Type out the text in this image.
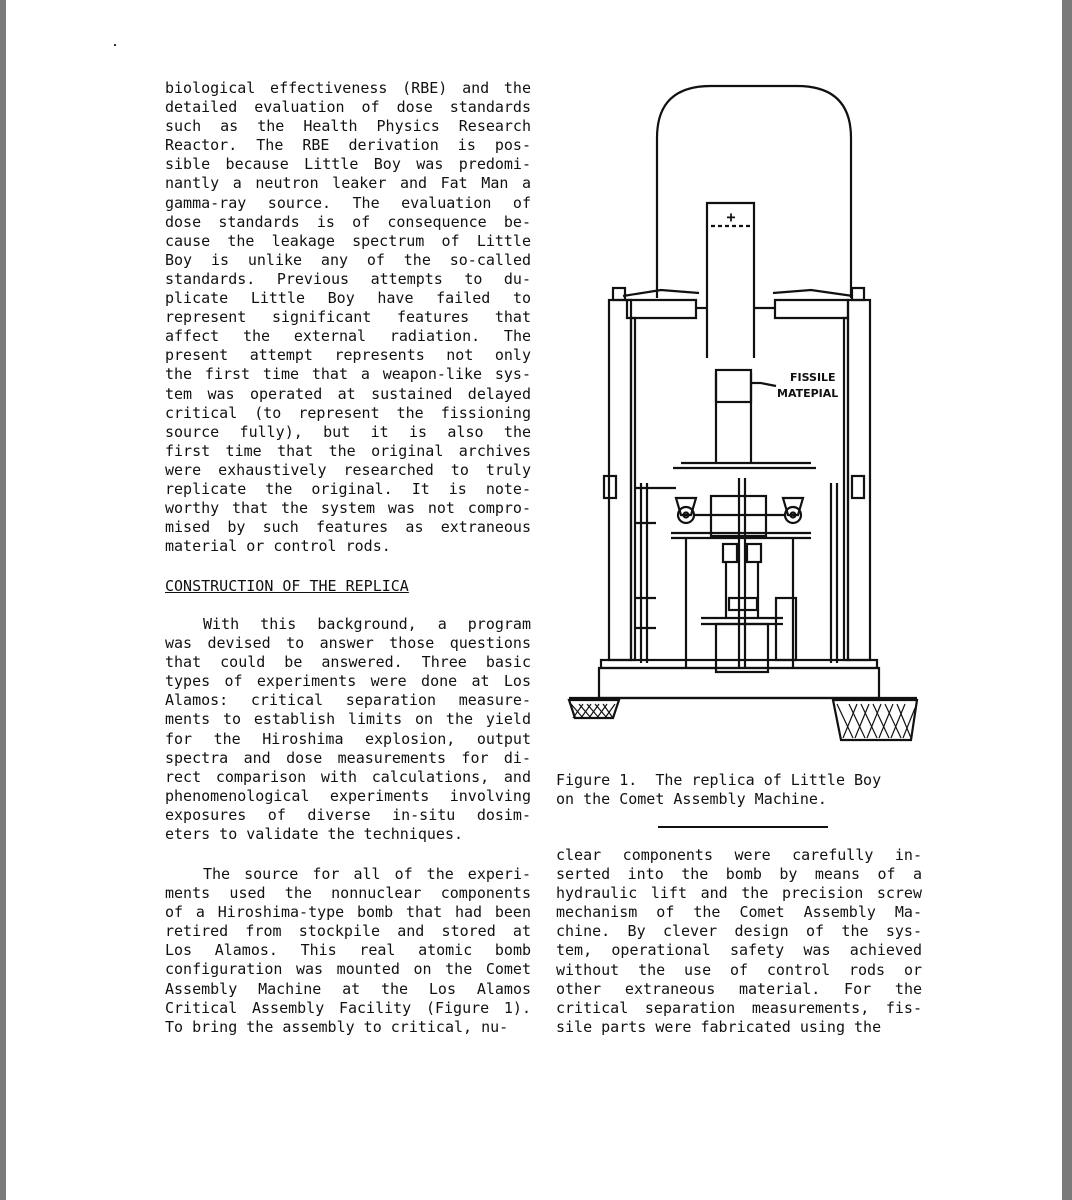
biological effectiveness (RBE) and the
detailed evaluation of dose standards
such as the Health Physics Research
Reactor. The RBE derivation is pos-
sible because Little Boy was predomi-
nantly a neutron leaker and Fat Man a
gamma-ray source. The evaluation of
dose standards is of consequence be-
cause the leakage spectrum of Little
Boy is unlike any of the so-called
standards. Previous attempts to du-
plicate Little Boy have failed to
represent significant features that
affect the external radiation. The
present attempt represents not only
the first time that a weapon-like sys-
tem was operated at sustained delayed
critical (to represent the fissioning
source fully), but it is also the
first time that the original archives
were exhaustively researched to truly
replicate the original. It is note-
worthy that the system was not compro-
mised by such features as extraneous
material or control rods.
CONSTRUCTION OF THE REPLICA
With this background, a program
was devised to answer those questions
that could be answered. Three basic
types of experiments were done at Los
Alamos: critical separation measure-
ments to establish limits on the yield
for the Hiroshima explosion, output
spectra and dose measurements for di-
rect comparison with calculations, and
phenomenological experiments involving
exposures of diverse in-situ dosim-
eters to validate the techniques.
The source for all of the experi-
ments used the nonnuclear components
of a Hiroshima-type bomb that had been
retired from stockpile and stored at
Los Alamos. This real atomic bomb
configuration was mounted on the Comet
Assembly Machine at the Los Alamos
Critical Assembly Facility (Figure 1).
To bring the assembly to critical, nu-
+
FISSILE
MATEPIAL
Figure 1.  The replica of Little Boy
on the Comet Assembly Machine.
clear components were carefully in-
serted into the bomb by means of a
hydraulic lift and the precision screw
mechanism of the Comet Assembly Ma-
chine. By clever design of the sys-
tem, operational safety was achieved
without the use of control rods or
other extraneous material. For the
critical separation measurements, fis-
sile parts were fabricated using the
